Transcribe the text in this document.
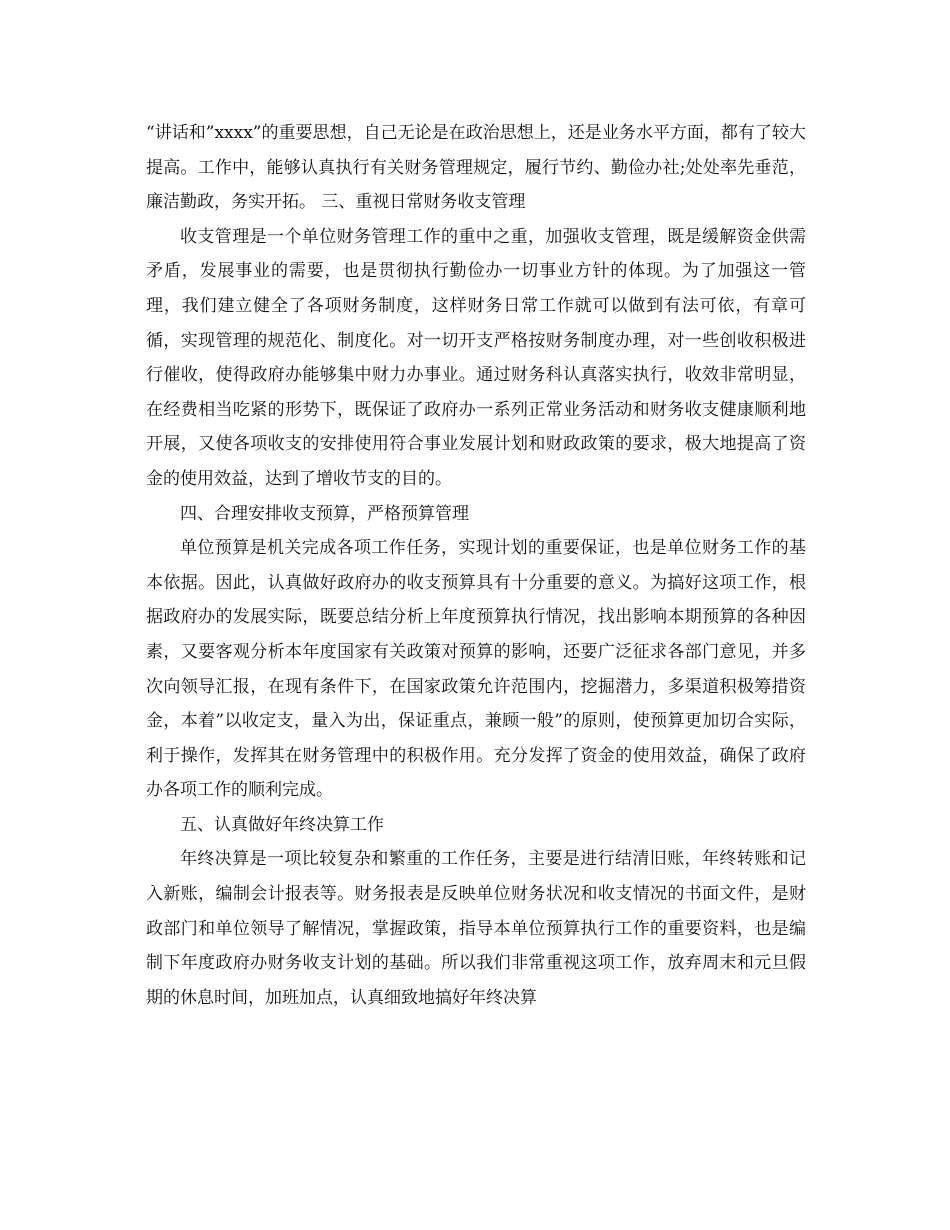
“讲话和”xxxx”的重要思想，自己无论是在政治思想上，还是业务水平方面，都有了较大提高。工作中，能够认真执行有关财务管理规定，履行节约、勤俭办社;处处率先垂范，廉洁勤政，务实开拓。 三、重视日常财务收支管理

收支管理是一个单位财务管理工作的重中之重，加强收支管理，既是缓解资金供需矛盾，发展事业的需要，也是贯彻执行勤俭办一切事业方针的体现。为了加强这一管理，我们建立健全了各项财务制度，这样财务日常工作就可以做到有法可依，有章可循，实现管理的规范化、制度化。对一切开支严格按财务制度办理，对一些创收积极进行催收，使得政府办能够集中财力办事业。通过财务科认真落实执行，收效非常明显，在经费相当吃紧的形势下，既保证了政府办一系列正常业务活动和财务收支健康顺利地开展，又使各项收支的安排使用符合事业发展计划和财政政策的要求，极大地提高了资金的使用效益，达到了增收节支的目的。

四、合理安排收支预算，严格预算管理

单位预算是机关完成各项工作任务，实现计划的重要保证，也是单位财务工作的基本依据。因此，认真做好政府办的收支预算具有十分重要的意义。为搞好这项工作，根据政府办的发展实际，既要总结分析上年度预算执行情况，找出影响本期预算的各种因素，又要客观分析本年度国家有关政策对预算的影响，还要广泛征求各部门意见，并多次向领导汇报，在现有条件下，在国家政策允许范围内，挖掘潜力，多渠道积极筹措资金，本着”以收定支，量入为出，保证重点，兼顾一般”的原则，使预算更加切合实际，利于操作，发挥其在财务管理中的积极作用。充分发挥了资金的使用效益，确保了政府办各项工作的顺利完成。

五、认真做好年终决算工作

年终决算是一项比较复杂和繁重的工作任务，主要是进行结清旧账，年终转账和记入新账，编制会计报表等。财务报表是反映单位财务状况和收支情况的书面文件，是财政部门和单位领导了解情况，掌握政策，指导本单位预算执行工作的重要资料，也是编制下年度政府办财务收支计划的基础。所以我们非常重视这项工作，放弃周末和元旦假期的休息时间，加班加点，认真细致地搞好年终决算
